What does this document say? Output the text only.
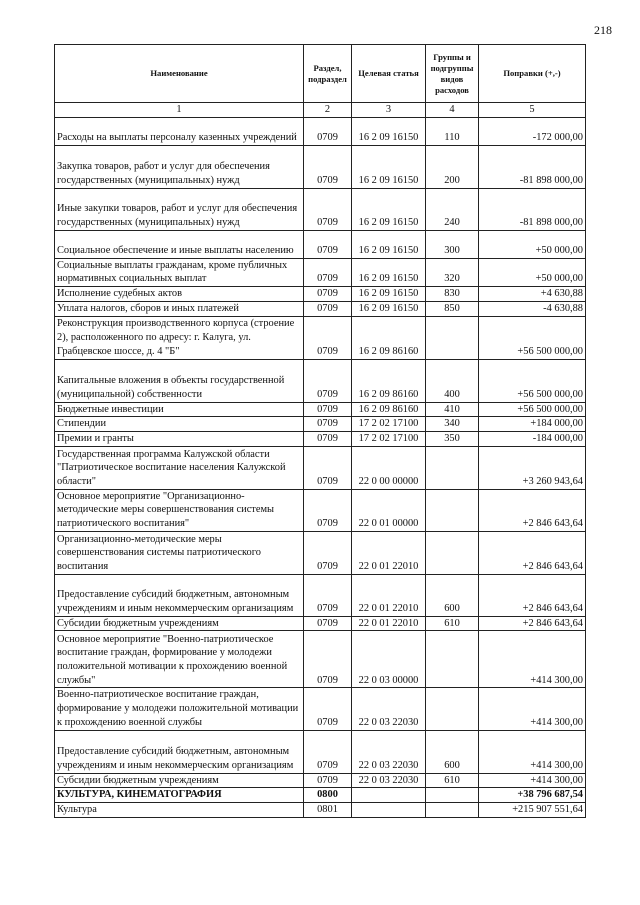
218
Наименование	Раздел, подраздел	Целевая статья	Группы и подгруппы видов расходов	Поправки (+,-)
1	2	3	4	5
Расходы на выплаты персоналу казенных учреждений	0709	16 2 09 16150	110	-172 000,00
Закупка товаров, работ и услуг для обеспечения государственных (муниципальных) нужд	0709	16 2 09 16150	200	-81 898 000,00
Иные закупки товаров, работ и услуг для обеспечения государственных (муниципальных) нужд	0709	16 2 09 16150	240	-81 898 000,00
Социальное обеспечение и иные выплаты населению	0709	16 2 09 16150	300	+50 000,00
Социальные выплаты гражданам, кроме публичных нормативных социальных выплат	0709	16 2 09 16150	320	+50 000,00
Исполнение судебных актов	0709	16 2 09 16150	830	+4 630,88
Уплата налогов, сборов и иных платежей	0709	16 2 09 16150	850	-4 630,88
Реконструкция производственного корпуса (строение 2), расположенного по адресу: г. Калуга, ул. Грабцевское шоссе, д. 4 "Б"	0709	16 2 09 86160		+56 500 000,00
Капитальные вложения в объекты государственной (муниципальной) собственности	0709	16 2 09 86160	400	+56 500 000,00
Бюджетные инвестиции	0709	16 2 09 86160	410	+56 500 000,00
Стипендии	0709	17 2 02 17100	340	+184 000,00
Премии и гранты	0709	17 2 02 17100	350	-184 000,00
Государственная программа Калужской области "Патриотическое воспитание населения Калужской области"	0709	22 0 00 00000		+3 260 943,64
Основное мероприятие "Организационно-методические меры совершенствования системы патриотического воспитания"	0709	22 0 01 00000		+2 846 643,64
Организационно-методические меры совершенствования системы патриотического воспитания	0709	22 0 01 22010		+2 846 643,64
Предоставление субсидий бюджетным, автономным учреждениям и иным некоммерческим организациям	0709	22 0 01 22010	600	+2 846 643,64
Субсидии бюджетным учреждениям	0709	22 0 01 22010	610	+2 846 643,64
Основное мероприятие "Военно-патриотическое воспитание граждан, формирование у молодежи положительной мотивации к прохождению военной службы"	0709	22 0 03 00000		+414 300,00
Военно-патриотическое воспитание граждан, формирование у молодежи положительной мотивации к прохождению военной службы	0709	22 0 03 22030		+414 300,00
Предоставление субсидий бюджетным, автономным учреждениям и иным некоммерческим организациям	0709	22 0 03 22030	600	+414 300,00
Субсидии бюджетным учреждениям	0709	22 0 03 22030	610	+414 300,00
КУЛЬТУРА, КИНЕМАТОГРАФИЯ	0800			+38 796 687,54
Культура	0801			+215 907 551,64
